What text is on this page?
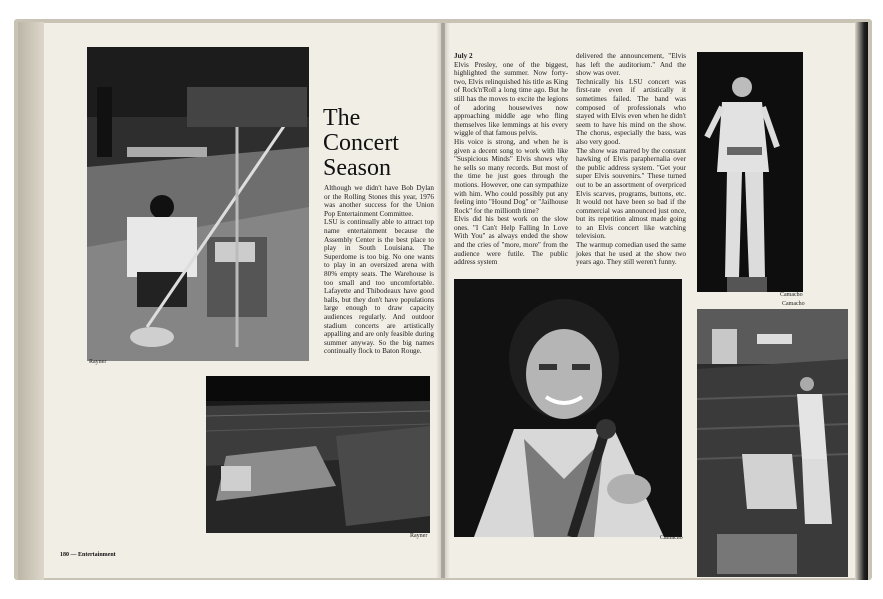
Rayner
Rayner
The
Concert
Season
Although we didn't have Bob Dylan or the Rolling Stones this year, 1976 was another success for the Union Pop Entertainment Committee.
LSU is continually able to attract top name entertainment because the Assembly Center is the best place to play in South Louisiana. The Superdome is too big. No one wants to play in an oversized arena with 80% empty seats. The Warehouse is too small and too uncomfortable. Lafayette and Thibodeaux have good halls, but they don't have populations large enough to draw capacity audiences regularly. And outdoor stadium concerts are artistically appalling and are only feasible during summer anyway. So the big names continually flock to Baton Rouge.
180 — Entertainment
July 2
Elvis Presley, one of the biggest, highlighted the summer. Now forty-two, Elvis relinquished his title as King of Rock'n'Roll a long time ago. But he still has the moves to excite the legions of adoring housewives now approaching middle age who fling themselves like lemmings at his every wiggle of that famous pelvis.
His voice is strong, and when he is given a decent song to work with like "Suspicious Minds" Elvis shows why he sells so many records. But most of the time he just goes through the motions. However, one can sympathize with him. Who could possibly put any feeling into "Hound Dog" or "Jailhouse Rock" for the millionth time?
Elvis did his best work on the slow ones. "I Can't Help Falling In Love With You" as always ended the show and the cries of "more, more" from the audience were futile. The public address system
delivered the announcement, "Elvis has left the auditorium." And the show was over.
Technically his LSU concert was first-rate even if artistically it sometimes failed. The band was composed of professionals who stayed with Elvis even when he didn't seem to have his mind on the show. The chorus, especially the bass, was also very good.
The show was marred by the constant hawking of Elvis paraphernalia over the public address system. "Get your super Elvis souvenirs." These turned out to be an assortment of overpriced Elvis scarves, programs, buttons, etc. It would not have been so bad if the commercial was announced just once, but its repetition almost made going to an Elvis concert like watching television.
The warmup comedian used the same jokes that he used at the show two years ago. They still weren't funny.
Camacho
Camacho
Camacho
